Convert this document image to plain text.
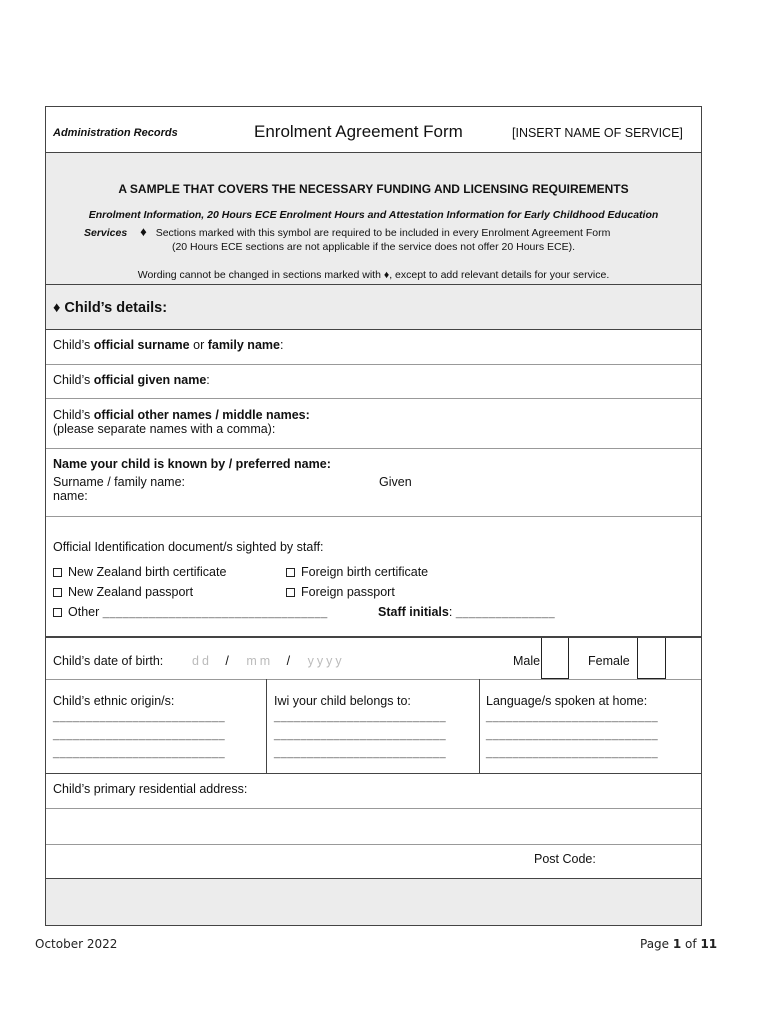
Administration Records	Enrolment Agreement Form	[INSERT NAME OF SERVICE]
A SAMPLE THAT COVERS THE NECESSARY FUNDING AND LICENSING REQUIREMENTS
Enrolment Information, 20 Hours ECE Enrolment Hours and Attestation Information for Early Childhood Education
Services ♦ Sections marked with this symbol are required to be included in every Enrolment Agreement Form
(20 Hours ECE sections are not applicable if the service does not offer 20 Hours ECE).
Wording cannot be changed in sections marked with ♦, except to add relevant details for your service.
♦ Child’s details:
Child’s official surname or family name:
Child’s official given name:
Child’s official other names / middle names:
(please separate names with a comma):
Name your child is known by / preferred name:
Surname / family name:	Given
name:
Official Identification document/s sighted by staff:
New Zealand birth certificate	Foreign birth certificate
New Zealand passport	Foreign passport
Other __________________________________	Staff initials: _______________
Child’s date of birth: dd / mm / yyyy	Male	Female
Child’s ethnic origin/s:
__________________________
__________________________
__________________________
Iwi your child belongs to:
__________________________
__________________________
__________________________
Language/s spoken at home:
__________________________
__________________________
__________________________
Child’s primary residential address:
Post Code:
October 2022	Page 1 of 11
